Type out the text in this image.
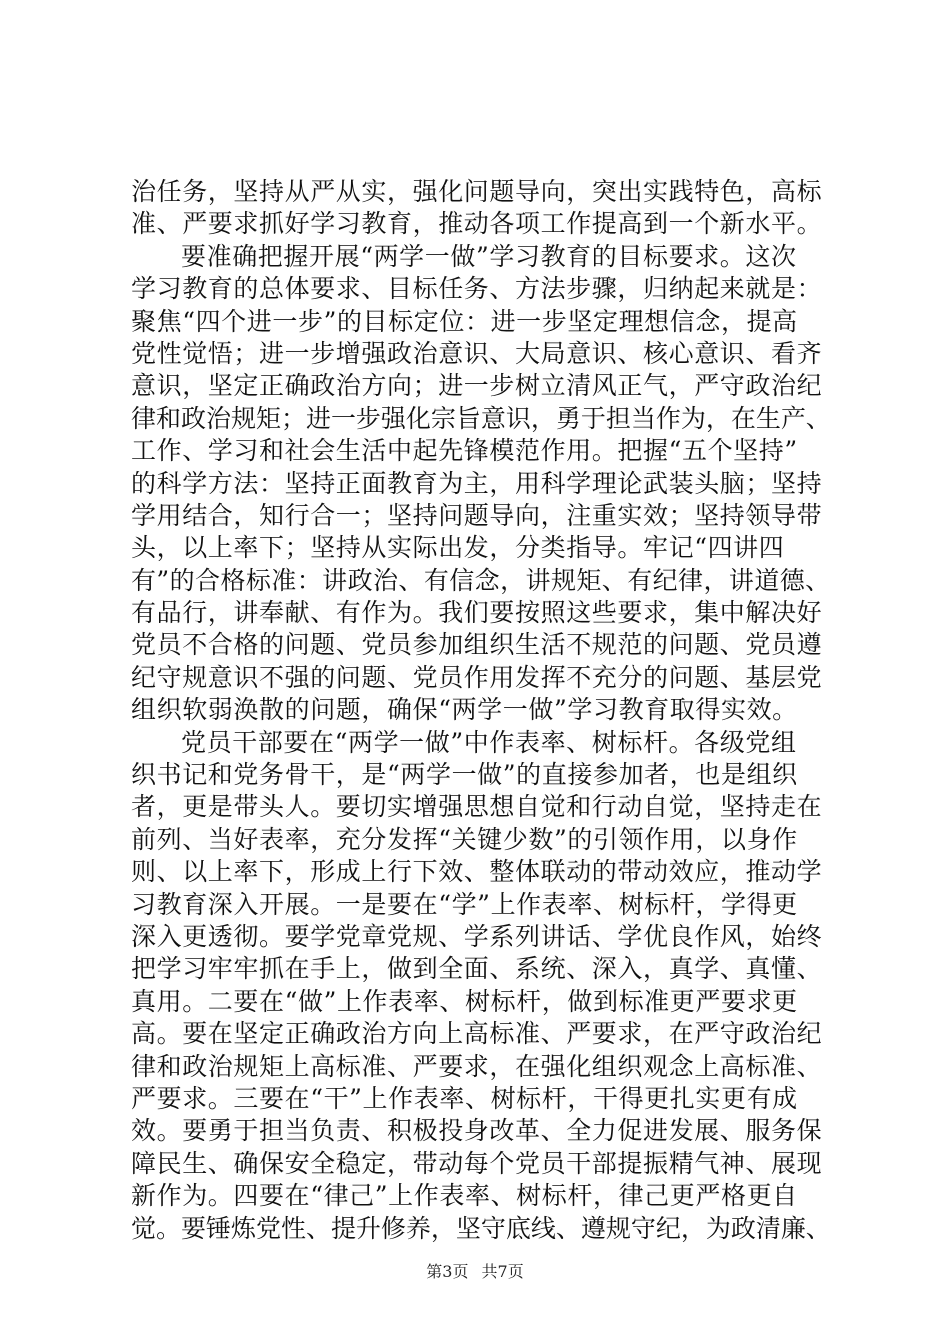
治任务，坚持从严从实，强化问题导向，突出实践特色，高标
准、严要求抓好学习教育，推动各项工作提高到一个新水平。
要准确把握开展“两学一做”学习教育的目标要求。这次
学习教育的总体要求、目标任务、方法步骤，归纳起来就是：
聚焦“四个进一步”的目标定位：进一步坚定理想信念，提高
党性觉悟；进一步增强政治意识、大局意识、核心意识、看齐
意识，坚定正确政治方向；进一步树立清风正气，严守政治纪
律和政治规矩；进一步强化宗旨意识，勇于担当作为，在生产、
工作、学习和社会生活中起先锋模范作用。把握“五个坚持”
的科学方法：坚持正面教育为主，用科学理论武装头脑；坚持
学用结合，知行合一；坚持问题导向，注重实效；坚持领导带
头，以上率下；坚持从实际出发，分类指导。牢记“四讲四
有”的合格标准：讲政治、有信念，讲规矩、有纪律，讲道德、
有品行，讲奉献、有作为。我们要按照这些要求，集中解决好
党员不合格的问题、党员参加组织生活不规范的问题、党员遵
纪守规意识不强的问题、党员作用发挥不充分的问题、基层党
组织软弱涣散的问题，确保“两学一做”学习教育取得实效。
党员干部要在“两学一做”中作表率、树标杆。各级党组
织书记和党务骨干，是“两学一做”的直接参加者，也是组织
者，更是带头人。要切实增强思想自觉和行动自觉，坚持走在
前列、当好表率，充分发挥“关键少数”的引领作用，以身作
则、以上率下，形成上行下效、整体联动的带动效应，推动学
习教育深入开展。一是要在“学”上作表率、树标杆，学得更
深入更透彻。要学党章党规、学系列讲话、学优良作风，始终
把学习牢牢抓在手上，做到全面、系统、深入，真学、真懂、
真用。二要在“做”上作表率、树标杆，做到标准更严要求更
高。要在坚定正确政治方向上高标准、严要求，在严守政治纪
律和政治规矩上高标准、严要求，在强化组织观念上高标准、
严要求。三要在“干”上作表率、树标杆，干得更扎实更有成
效。要勇于担当负责、积极投身改革、全力促进发展、服务保
障民生、确保安全稳定，带动每个党员干部提振精气神、展现
新作为。四要在“律己”上作表率、树标杆，律己更严格更自
觉。要锤炼党性、提升修养，坚守底线、遵规守纪，为政清廉、
第3页 共7页
